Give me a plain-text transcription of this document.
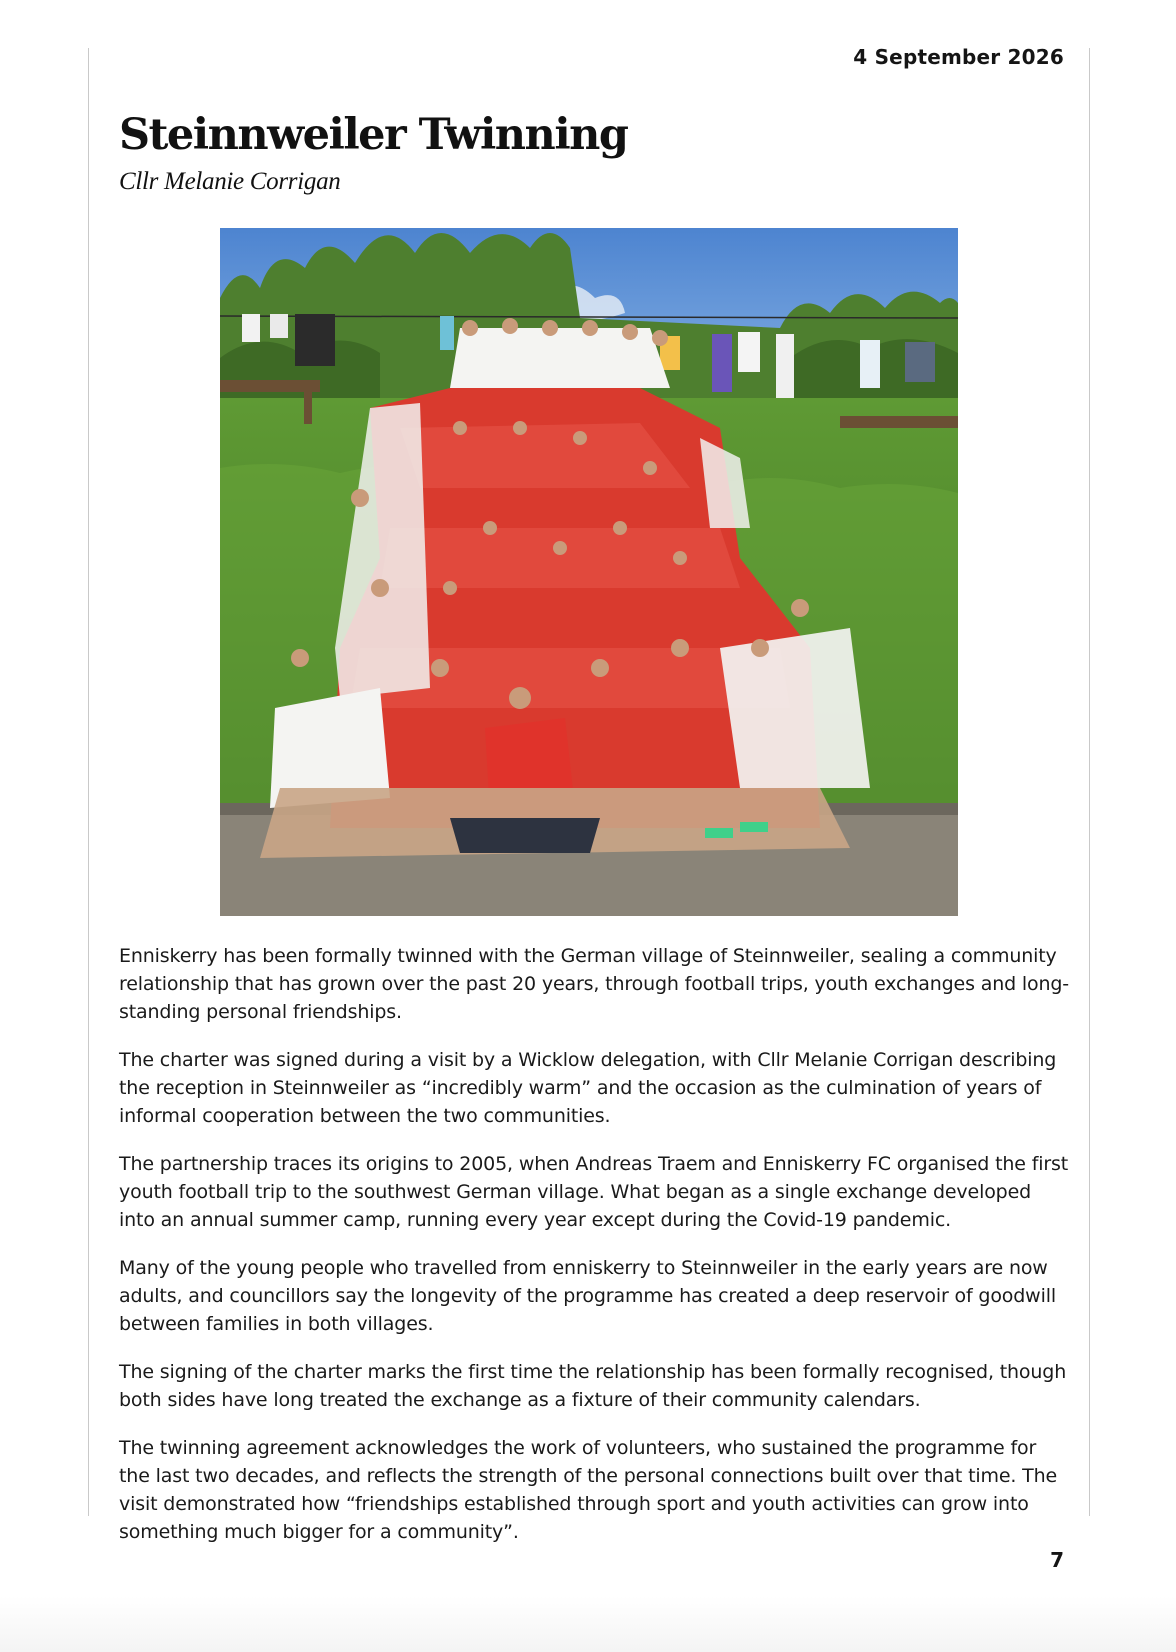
4 September 2026
Steinnweiler Twinning

Cllr Melanie Corrigan

Enniskerry has been formally twinned with the German village of Steinnweiler, sealing a community relationship that has grown over the past 20 years, through football trips, youth exchanges and long-standing personal friendships.

The charter was signed during a visit by a Wicklow delegation, with Cllr Melanie Corrigan describing the reception in Steinnweiler as “incredibly warm” and the occasion as the culmination of years of informal cooperation between the two communities.

The partnership traces its origins to 2005, when Andreas Traem and Enniskerry FC organised the first youth football trip to the southwest German village. What began as a single exchange developed into an annual summer camp, running every year except during the Covid-19 pandemic.

Many of the young people who travelled from enniskerry to Steinnweiler in the early years are now adults, and councillors say the longevity of the programme has created a deep reservoir of goodwill between families in both villages.

The signing of the charter marks the first time the relationship has been formally recognised, though both sides have long treated the exchange as a fixture of their community calendars.

The twinning agreement acknowledges the work of volunteers, who sustained the programme for the last two decades, and reflects the strength of the personal connections built over that time. The visit demonstrated how “friendships established through sport and youth activities can grow into something much bigger for a community”.

7
